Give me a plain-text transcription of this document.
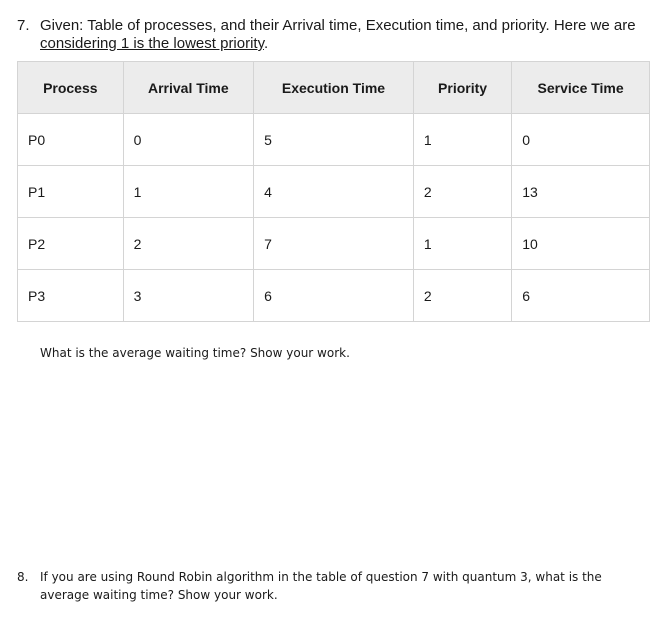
7. Given: Table of processes, and their Arrival time, Execution time, and priority. Here we are considering 1 is the lowest priority.
Process	Arrival Time	Execution Time	Priority	Service Time
P0	0	5	1	0
P1	1	4	2	13
P2	2	7	1	10
P3	3	6	2	6
What is the average waiting time? Show your work.
8. If you are using Round Robin algorithm in the table of question 7 with quantum 3, what is the average waiting time? Show your work.
